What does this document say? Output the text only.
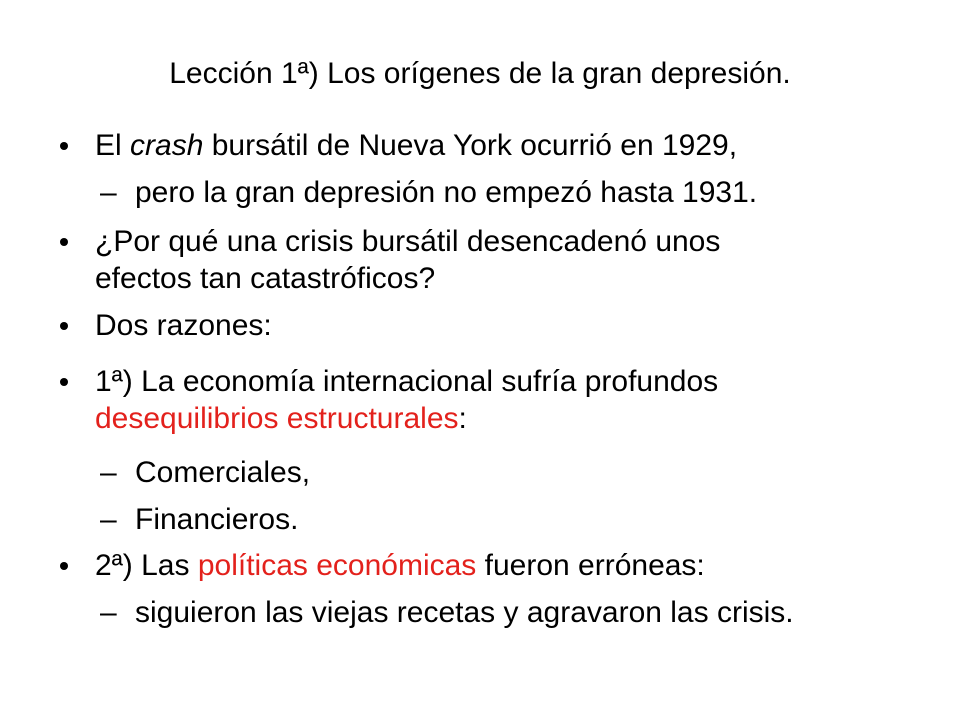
Lección 1ª) Los orígenes de la gran depresión.
El crash bursátil de Nueva York ocurrió en 1929,
– pero la gran depresión no empezó hasta 1931.
¿Por qué una crisis bursátil desencadenó unos
efectos tan catastróficos?
Dos razones:
1ª) La economía internacional sufría profundos
desequilibrios estructurales:
– Comerciales,
– Financieros.
2ª) Las políticas económicas fueron erróneas:
– siguieron las viejas recetas y agravaron las crisis.
